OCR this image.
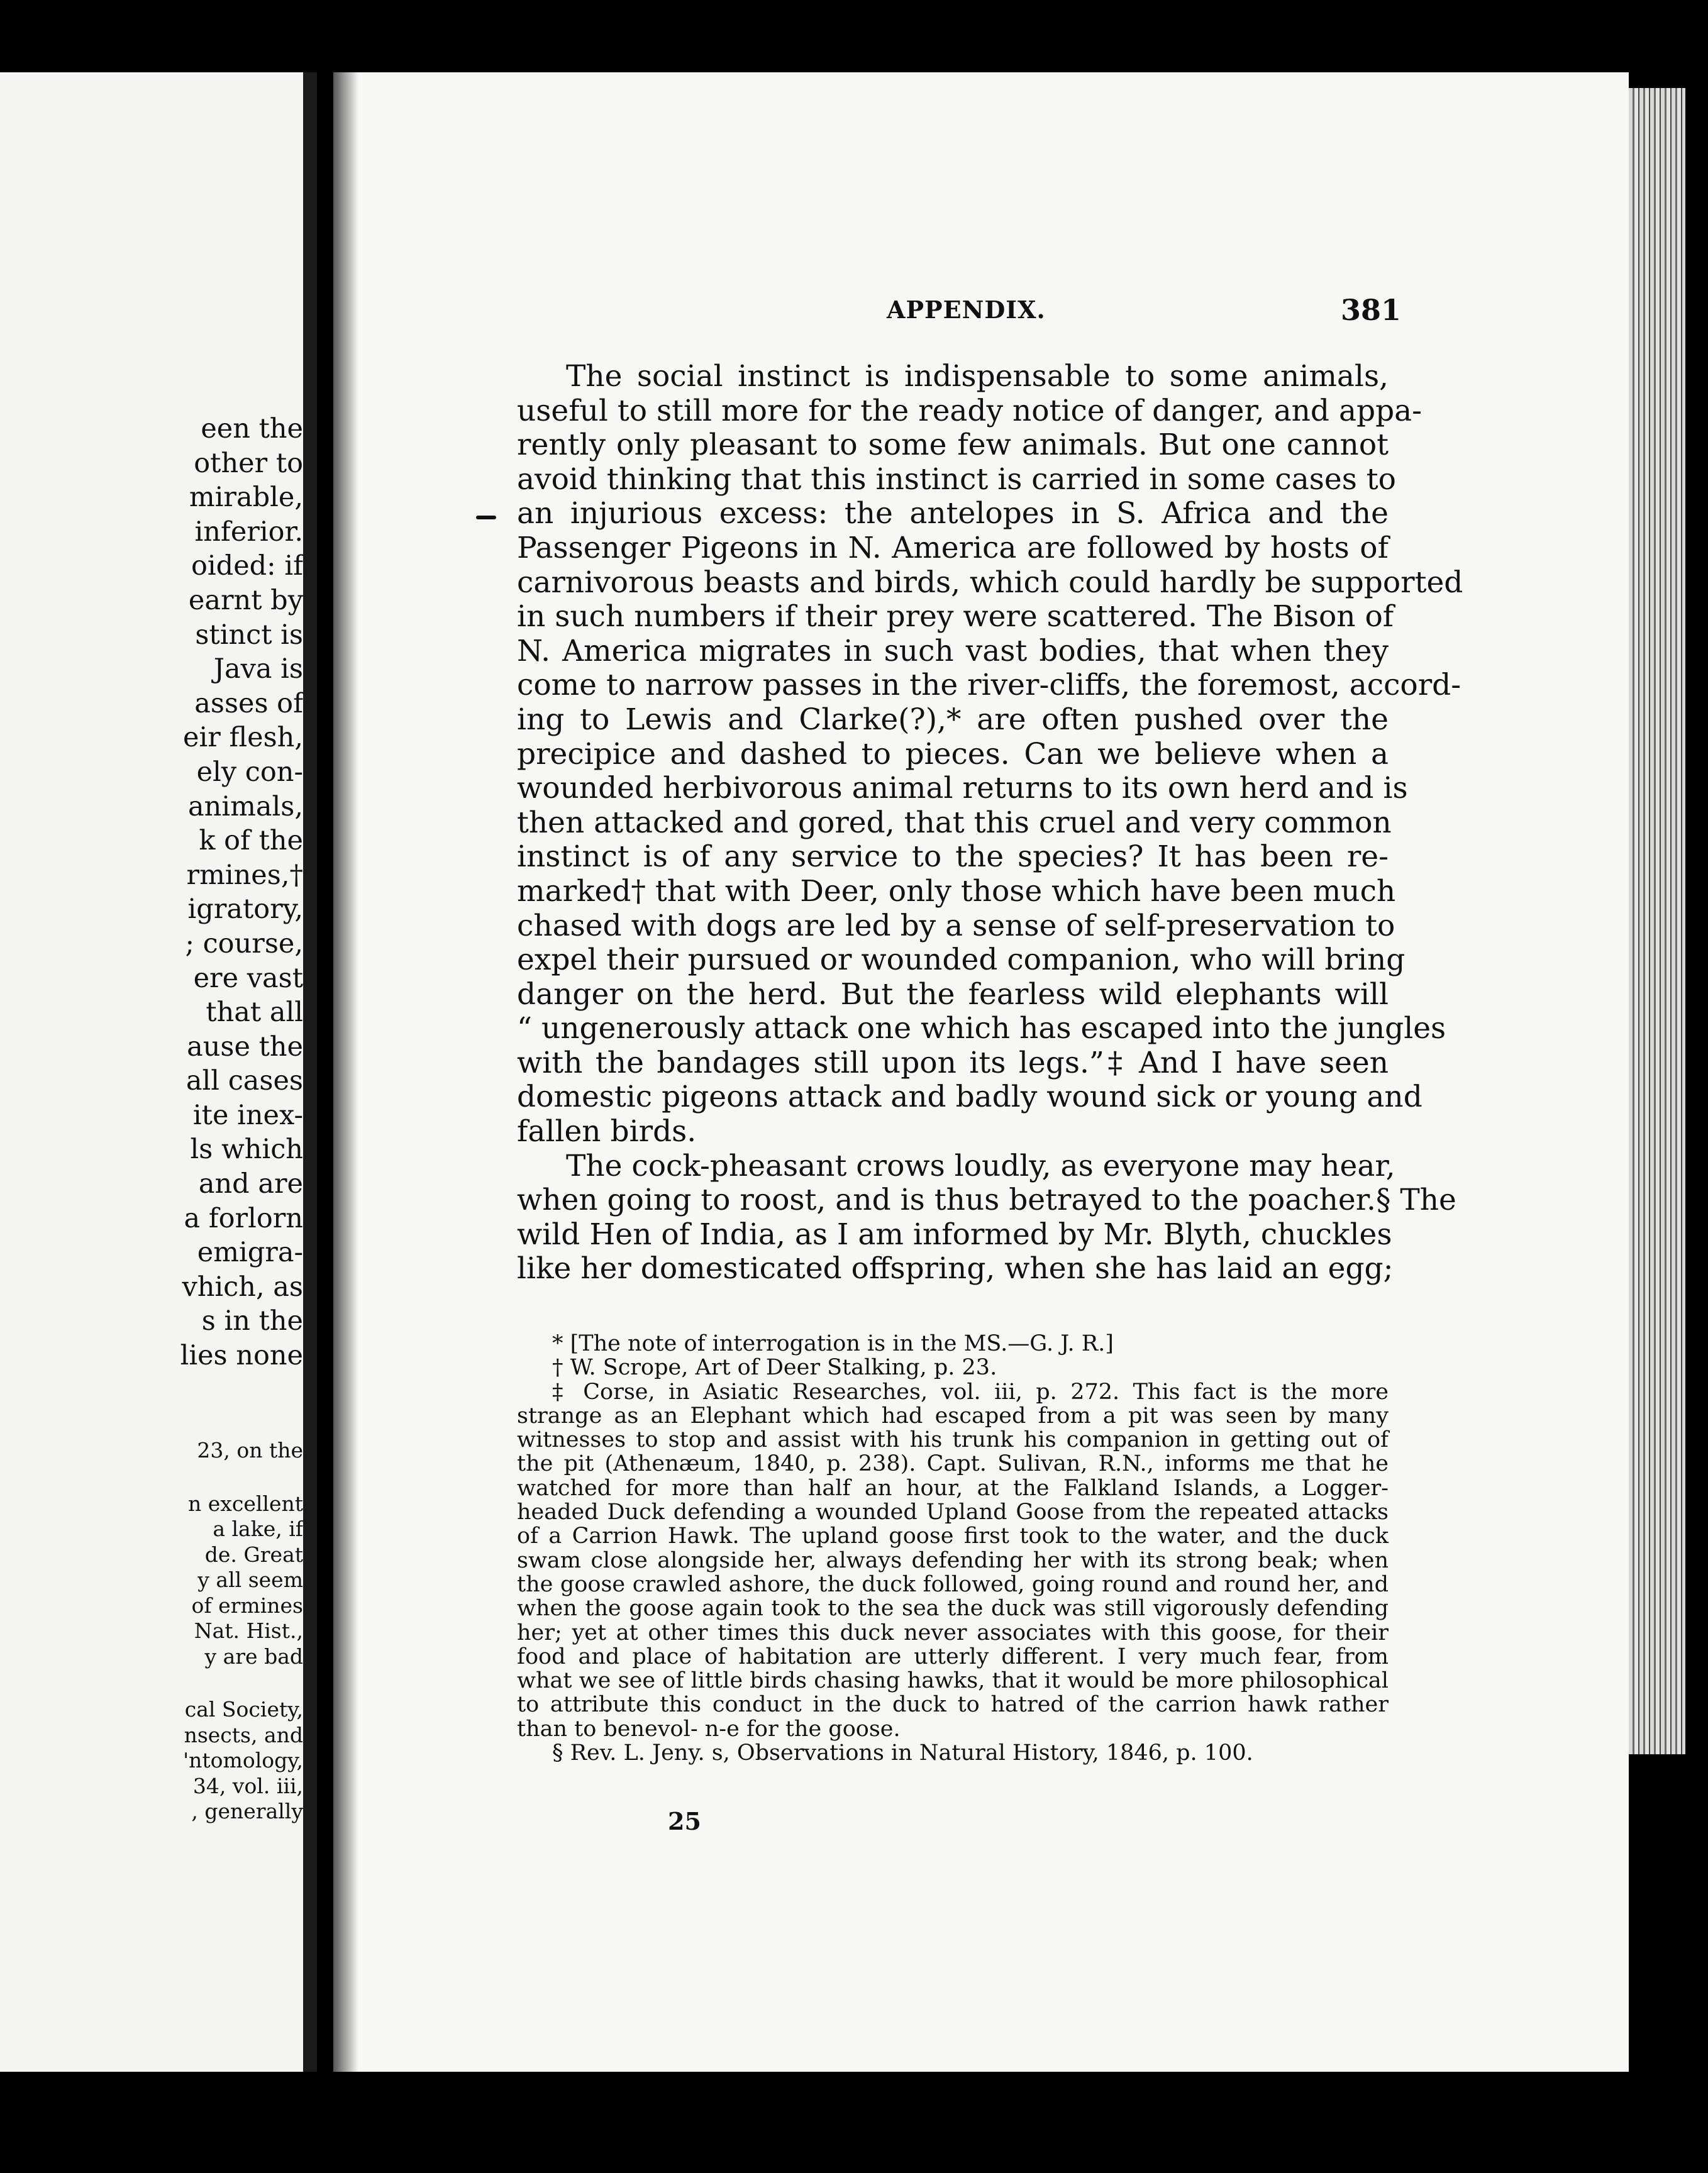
een the
other to
mirable,
inferior.
oided: if
earnt by
stinct is
Java is
asses of
eir flesh,
ely con-
animals,
k of the
rmines,†
igratory,
; course,
ere vast
that all
ause the
all cases
ite inex-
ls which
and are
a forlorn
emigra-
vhich, as
s in the
lies none
23, on the
n excellent
a lake, if
de. Great
y all seem
of ermines
Nat. Hist.,
y are bad
cal Society,
nsects, and
'ntomology,
34, vol. iii,
, generally
APPENDIX.	381
The social instinct is indispensable to some animals,
useful to still more for the ready notice of danger, and appa-
rently only pleasant to some few animals. But one cannot
avoid thinking that this instinct is carried in some cases to
an injurious excess: the antelopes in S. Africa and the
Passenger Pigeons in N. America are followed by hosts of
carnivorous beasts and birds, which could hardly be supported
in such numbers if their prey were scattered. The Bison of
N. America migrates in such vast bodies, that when they
come to narrow passes in the river-cliffs, the foremost, accord-
ing to Lewis and Clarke(?),* are often pushed over the
precipice and dashed to pieces. Can we believe when a
wounded herbivorous animal returns to its own herd and is
then attacked and gored, that this cruel and very common
instinct is of any service to the species? It has been re-
marked† that with Deer, only those which have been much
chased with dogs are led by a sense of self-preservation to
expel their pursued or wounded companion, who will bring
danger on the herd. But the fearless wild elephants will
“ ungenerously attack one which has escaped into the jungles
with the bandages still upon its legs.”‡ And I have seen
domestic pigeons attack and badly wound sick or young and
fallen birds.
The cock-pheasant crows loudly, as everyone may hear,
when going to roost, and is thus betrayed to the poacher.§ The
wild Hen of India, as I am informed by Mr. Blyth, chuckles
like her domesticated offspring, when she has laid an egg;
* [The note of interrogation is in the MS.—G. J. R.]
† W. Scrope, Art of Deer Stalking, p. 23.
‡ Corse, in Asiatic Researches, vol. iii, p. 272. This fact is the more
strange as an Elephant which had escaped from a pit was seen by many
witnesses to stop and assist with his trunk his companion in getting out of
the pit (Athenæum, 1840, p. 238). Capt. Sulivan, R.N., informs me that he
watched for more than half an hour, at the Falkland Islands, a Logger-
headed Duck defending a wounded Upland Goose from the repeated attacks
of a Carrion Hawk. The upland goose first took to the water, and the duck
swam close alongside her, always defending her with its strong beak; when
the goose crawled ashore, the duck followed, going round and round her, and
when the goose again took to the sea the duck was still vigorously defending
her; yet at other times this duck never associates with this goose, for their
food and place of habitation are utterly different. I very much fear, from
what we see of little birds chasing hawks, that it would be more philosophical
to attribute this conduct in the duck to hatred of the carrion hawk rather
than to benevol- n-e for the goose.
§ Rev. L. Jeny. s, Observations in Natural History, 1846, p. 100.
25
